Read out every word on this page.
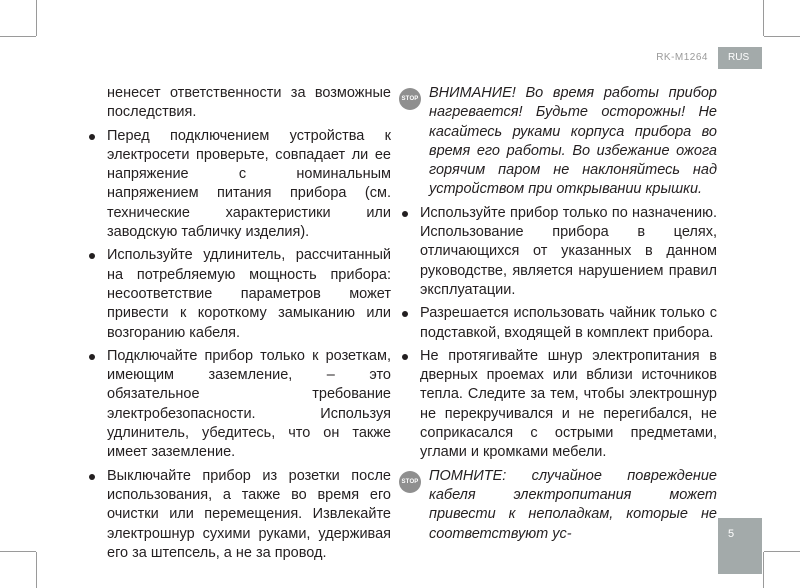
RK-M1264	RUS

ненесет ответственности за возможные последствия.

Перед подключением устройства к электросети проверьте, совпадает ли ее напряжение с номинальным напряжением питания прибора (см. технические характеристики или заводскую табличку изделия).
Используйте удлинитель, рассчитанный на потребляемую мощность прибора: несоответствие параметров может привести к короткому замыканию или возгоранию кабеля.
Подключайте прибор только к розеткам, имеющим заземление, – это обязательное требование электробезопасности. Используя удлинитель, убедитесь, что он также имеет заземление.
Выключайте прибор из розетки после использования, а также во время его очистки или перемещения. Извлекайте электрошнур сухими руками, удерживая его за штепсель, а не за провод.
STOP ВНИМАНИЕ! Во время работы прибор нагревается! Будьте осторожны! Не касайтесь руками корпуса прибора во время его работы. Во избежание ожога горячим паром не наклоняйтесь над устройством при открывании крышки.
Используйте прибор только по назначению. Использование прибора в целях, отличающихся от указанных в данном руководстве, является нарушением правил эксплуатации.
Разрешается использовать чайник только с подставкой, входящей в комплект прибора.
Не протягивайте шнур электропитания в дверных проемах или вблизи источников тепла. Следите за тем, чтобы электрошнур не перекручивался и не перегибался, не соприкасался с острыми предметами, углами и кромками мебели.
STOP ПОМНИТЕ: случайное повреждение кабеля электропитания может привести к неполадкам, которые не соответствуют ус-	5
